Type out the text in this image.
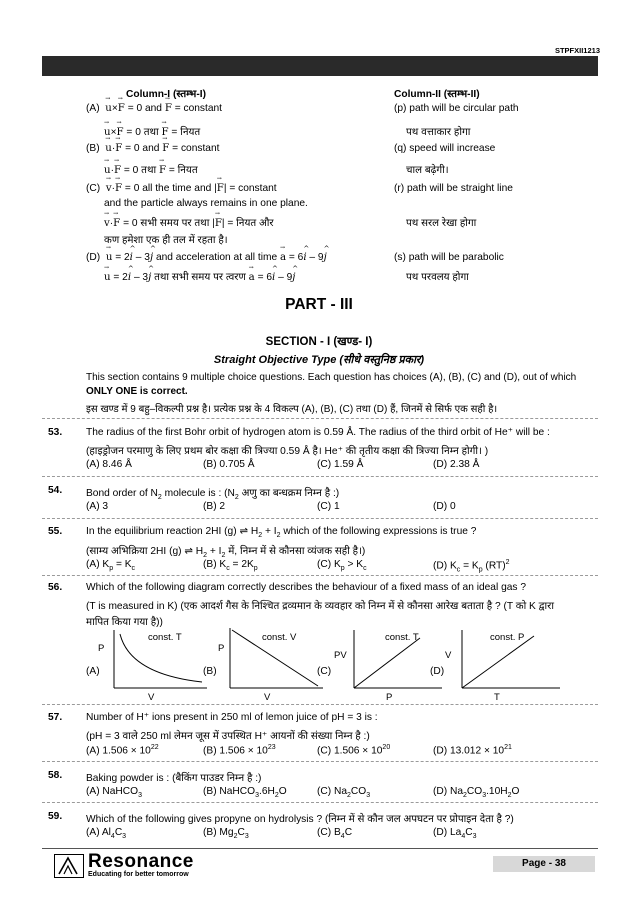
STPFXII1213
Column-I (स्तम्भ-I)	Column-II (स्तम्भ-II)
(A) → u×→ F = 0 and → F = constant
→ u×→ F = 0 तथा → F = नियत
(p) path will be circular path
पथ वत्ताकार होगा
(B) → u·→ F = 0 and → F = constant
→ u·→ F = 0 तथा → F = नियत
(q) speed will increase
चाल बढ़ेगी।
(C) → v·→ F = 0 all the time and |→ F| = constant
and the particle always remains in one plane.
→ v·→ F = 0 सभी समय पर तथा |→ F| = नियत और
कण हमेशा एक ही तल में रहता है।
(r) path will be straight line
पथ सरल रेखा होगा
(D) → u = 2^ i – 3^ j and acceleration at all time → a = 6^ i – 9^ j
→ u = 2^ i – 3^ j तथा सभी समय पर त्वरण → a = 6^ i – 9^ j
(s) path will be parabolic
पथ परवलय होगा
PART - III
SECTION - I (खण्ड- I)
Straight Objective Type (सीधे वस्तुनिष्ठ प्रकार)
This section contains 9 multiple choice questions. Each question has choices (A), (B), (C) and (D), out of which
ONLY ONE is correct.
इस खण्ड में 9 बहु–विकल्पी प्रश्न है। प्रत्येक प्रश्न के 4 विकल्प (A), (B), (C) तथा (D) हैं, जिनमें से सिर्फ एक सही है।
53. The radius of the first Bohr orbit of hydrogen atom is 0.59 Å. The radius of the third orbit of He⁺ will be :
(हाइड्रोजन परमाणु के लिए प्रथम बोर कक्षा की त्रिज्या 0.59 Å है। He⁺ की तृतीय कक्षा की त्रिज्या निम्न होगी। )
(A) 8.46 Å	(B) 0.705 Å	(C) 1.59 Å	(D) 2.38 Å
54. Bond order of $N_2$ molecule is : ($N_2$ अणु का बन्धक्रम निम्न है :)
(A) 3	(B) 2	(C) 1	(D) 0
55. In the equilibrium reaction 2HI (g) ⇌ $H_2 + I_2$ which of the following expressions is true ?
(साम्य अभिक्रिया 2HI (g) ⇌ $H_2 + I_2$ में, निम्न में से कौनसा व्यंजक सही है।)
(A) $K_p = K_c$	(B) $K_c = 2K_p$	(C) $K_p > K_c$	(D) $K_c = K_p$ (RT)$^2$
56. Which of the following diagram correctly describes the behaviour of a fixed mass of an ideal gas ?
(T is measured in K) (एक आदर्श गैस के निश्चित द्रव्यमान के व्यवहार को निम्न में से कौनसा आरेख बताता है ? (T को K द्वारा
मापित किया गया है))
const. T
P
V
(A)
const. V
P
V
(B)
const. T
PV
P
(C)
const. P
V
T
(D)
57. Number of H⁺ ions present in 250 ml of lemon juice of pH = 3 is :
(pH = 3 वाले 250 ml लेमन जूस में उपस्थित H⁺ आयनों की संख्या निम्न है :)
(A) $1.506 \times 10^{22}$	(B) $1.506 \times 10^{23}$	(C) $1.506 \times 10^{20}$	(D) $13.012 \times 10^{21}$
58. Baking powder is : (बैकिंग पाउडर निम्न है :)
(A) NaHCO$_3$	(B) $NaHCO_3.6H_2O$	(C) $Na_2CO_3$	(D) $Na_2CO_3.10H_2O$
59. Which of the following gives propyne on hydrolysis ? (निम्न में से कौन जल अपघटन पर प्रोपाइन देता है ?)
(A) $Al_4C_3$	(B) $Mg_2C_3$	(C) $B_4C$	(D) $La_4C_3$
Resonance
Educating for better tomorrow
Page - 38
